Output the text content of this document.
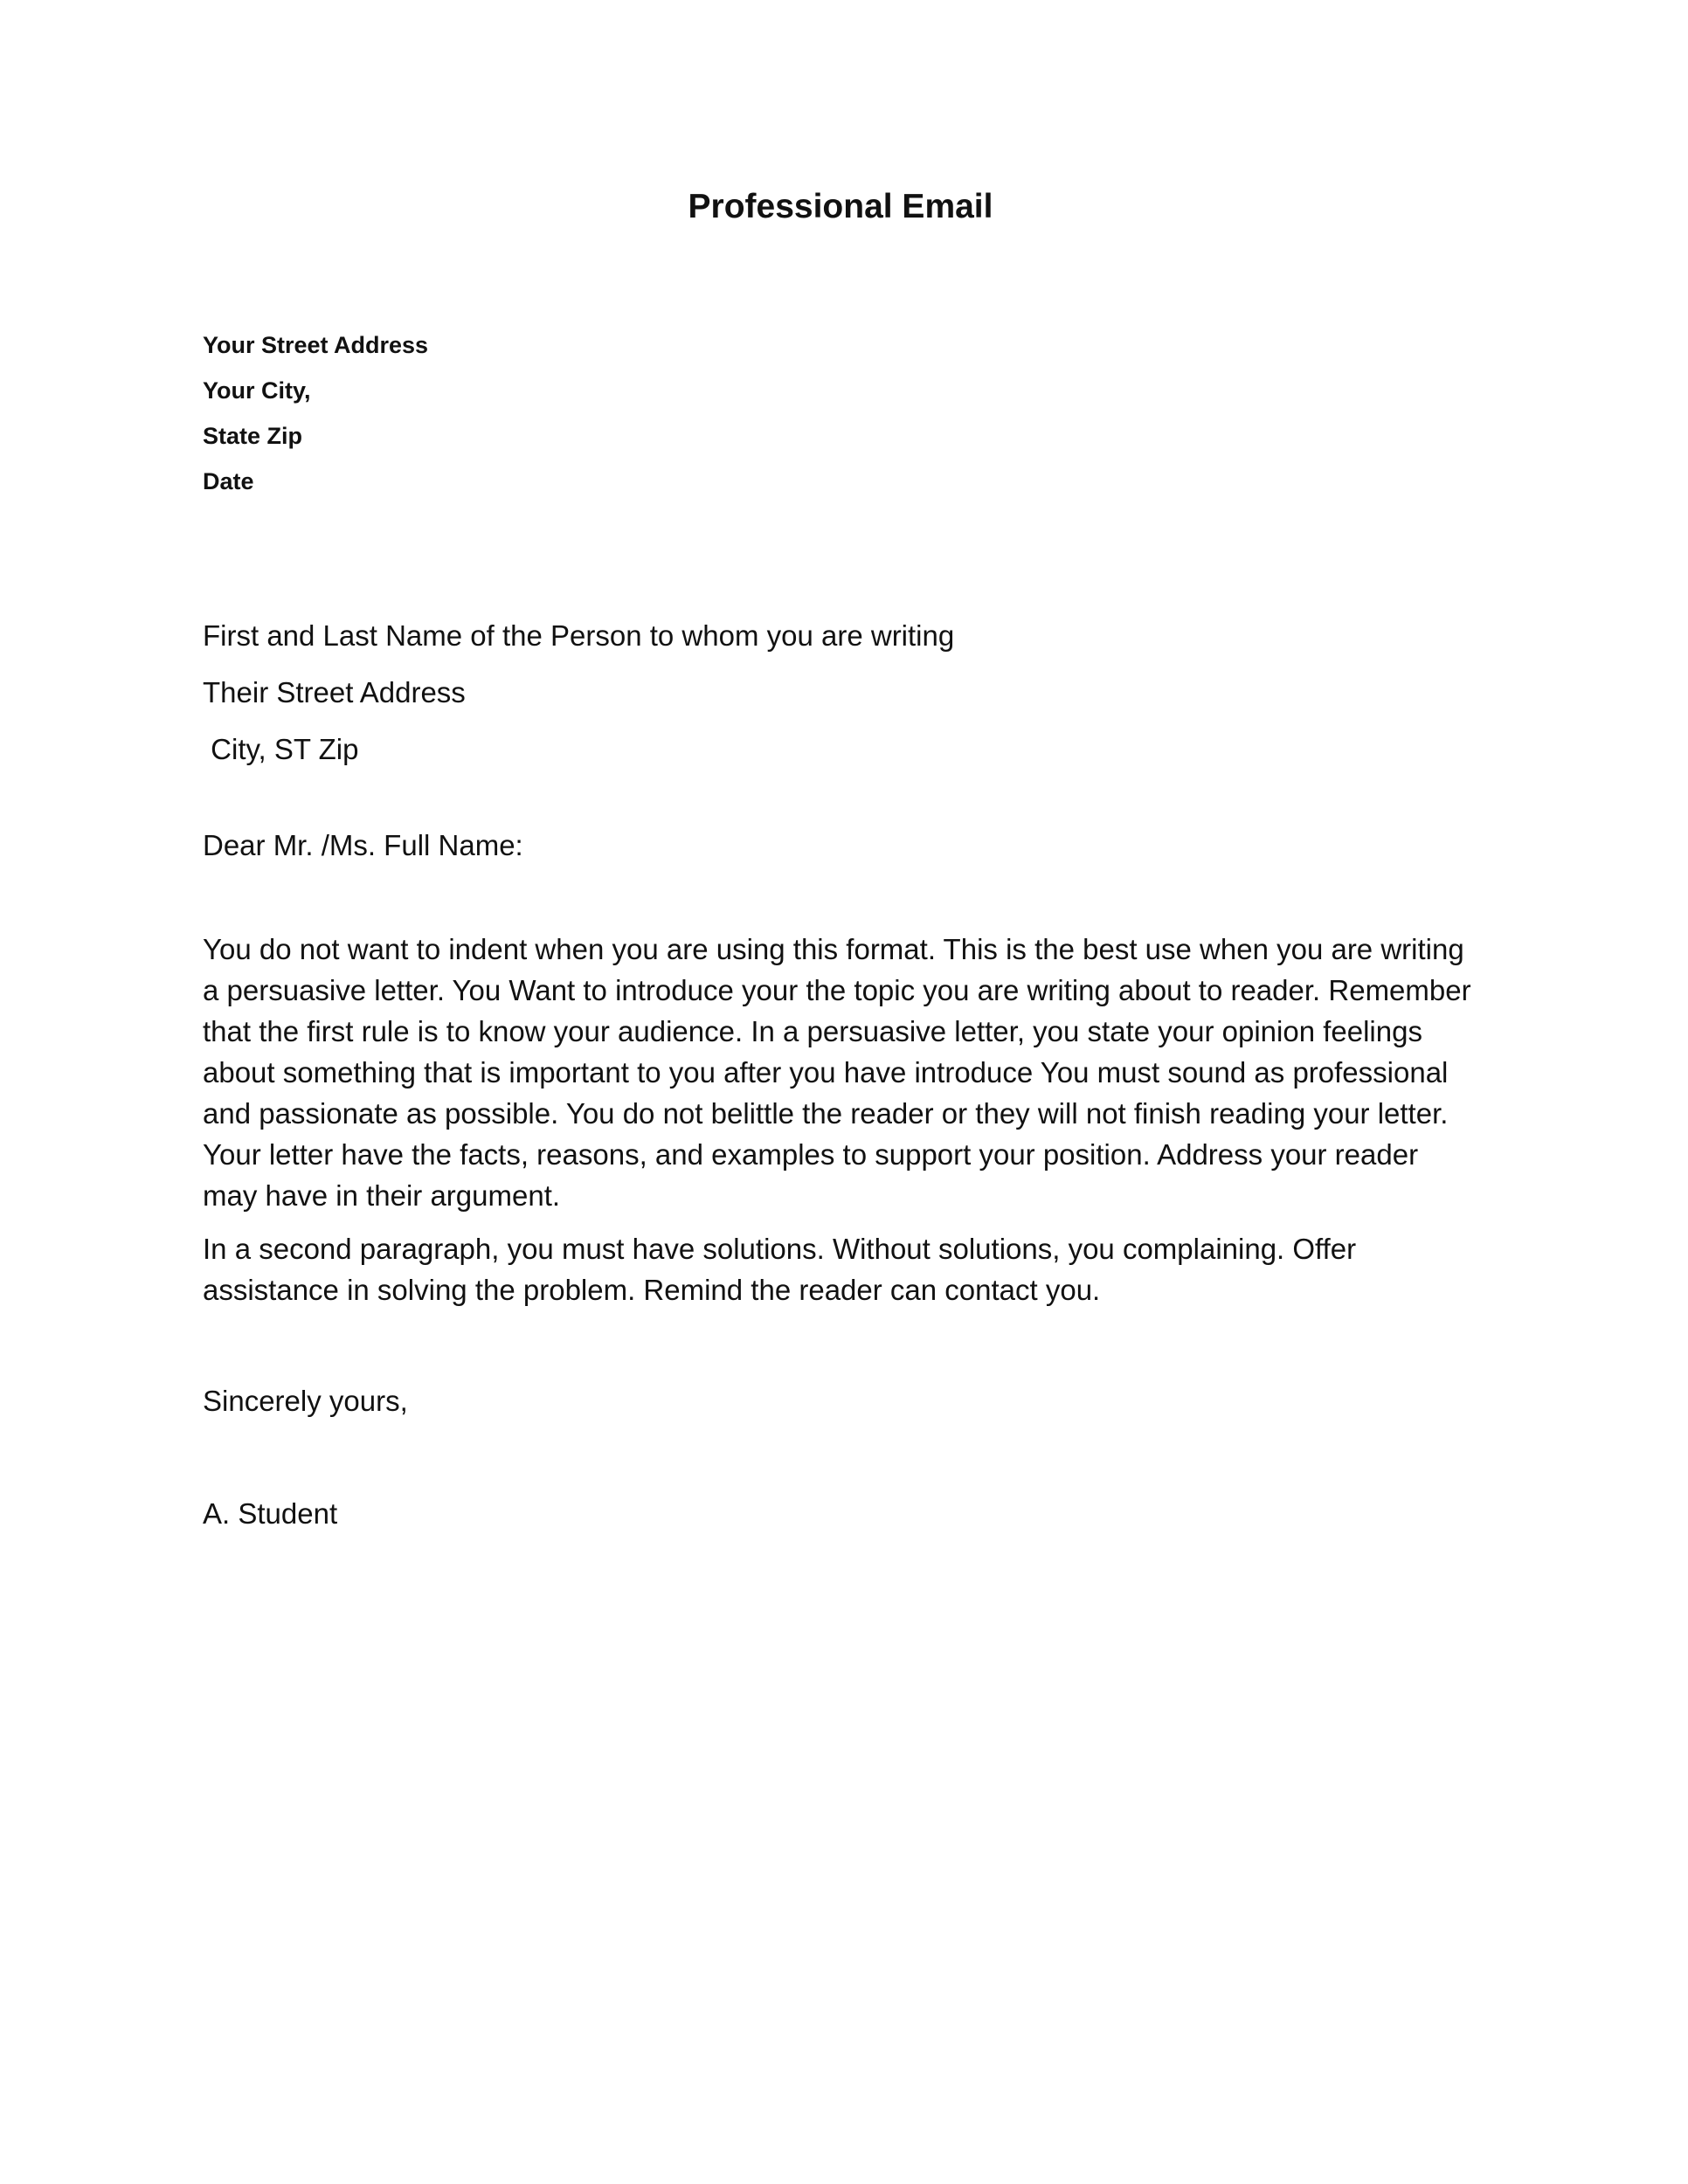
Professional Email
Your Street Address
Your City,
State Zip
Date
First and Last Name of the Person to whom you are writing
Their Street Address
City, ST Zip
Dear Mr. /Ms. Full Name:

You do not want to indent when you are using this format. This is the best use when you are writing a persuasive letter. You Want to introduce your the topic you are writing about to reader. Remember that the first rule is to know your audience. In a persuasive letter, you state your opinion feelings about something that is important to you after you have introduce You must sound as professional and passionate as possible. You do not belittle the reader or they will not finish reading your letter. Your letter have the facts, reasons, and examples to support your position. Address your reader may have in their argument.

In a second paragraph, you must have solutions. Without solutions, you complaining. Offer assistance in solving the problem. Remind the reader can contact you.

Sincerely yours,
A. Student
